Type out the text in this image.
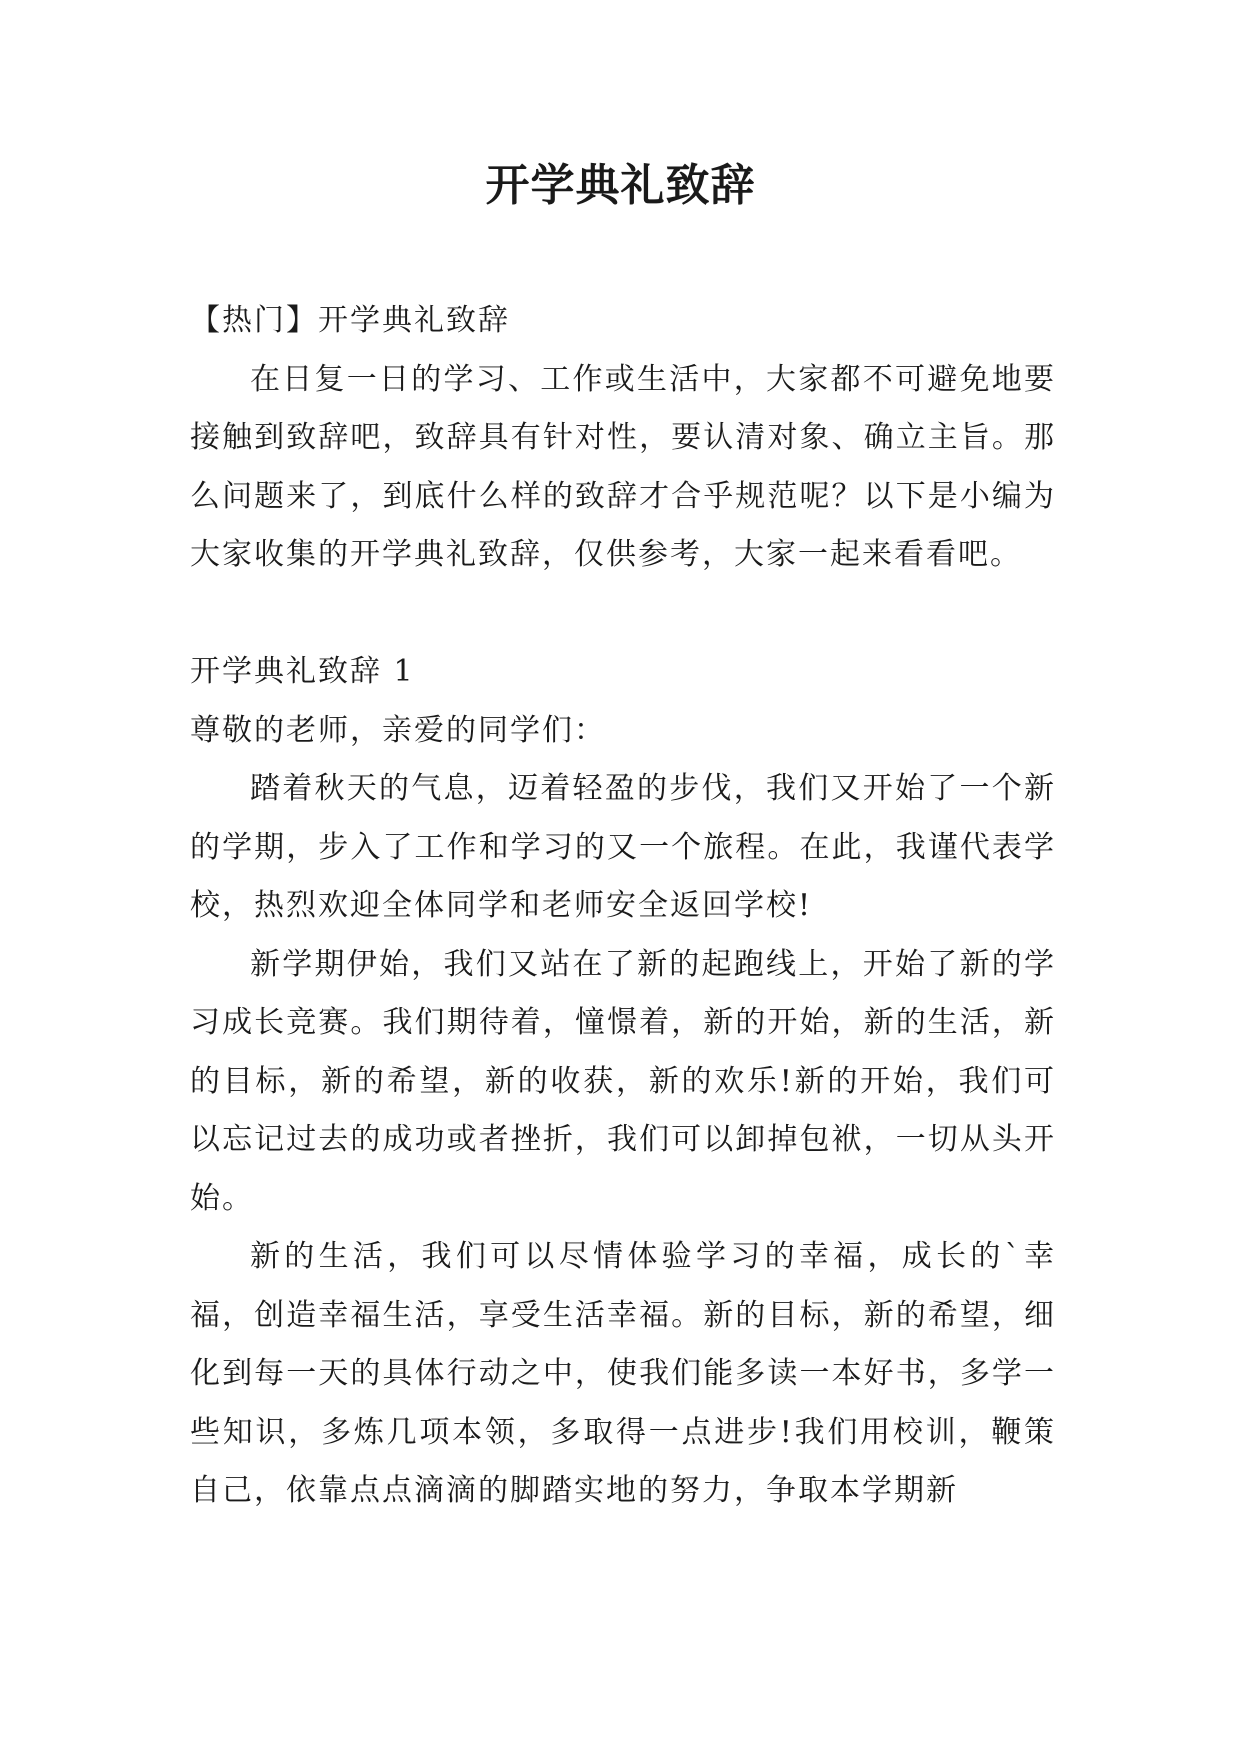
开学典礼致辞

【热门】开学典礼致辞

在日复一日的学习、工作或生活中，大家都不可避免地要接触到致辞吧，致辞具有针对性，要认清对象、确立主旨。那么问题来了，到底什么样的致辞才合乎规范呢？以下是小编为大家收集的开学典礼致辞，仅供参考，大家一起来看看吧。

开学典礼致辞 1

尊敬的老师，亲爱的同学们：

踏着秋天的气息，迈着轻盈的步伐，我们又开始了一个新的学期，步入了工作和学习的又一个旅程。在此，我谨代表学校，热烈欢迎全体同学和老师安全返回学校!

新学期伊始，我们又站在了新的起跑线上，开始了新的学习成长竞赛。我们期待着，憧憬着，新的开始，新的生活，新的目标，新的希望，新的收获，新的欢乐!新的开始，我们可以忘记过去的成功或者挫折，我们可以卸掉包袱，一切从头开始。

新的生活，我们可以尽情体验学习的幸福，成长的`幸福，创造幸福生活，享受生活幸福。新的目标，新的希望，细化到每一天的具体行动之中，使我们能多读一本好书，多学一些知识，多炼几项本领，多取得一点进步!我们用校训，鞭策自己，依靠点点滴滴的脚踏实地的努力，争取本学期新
